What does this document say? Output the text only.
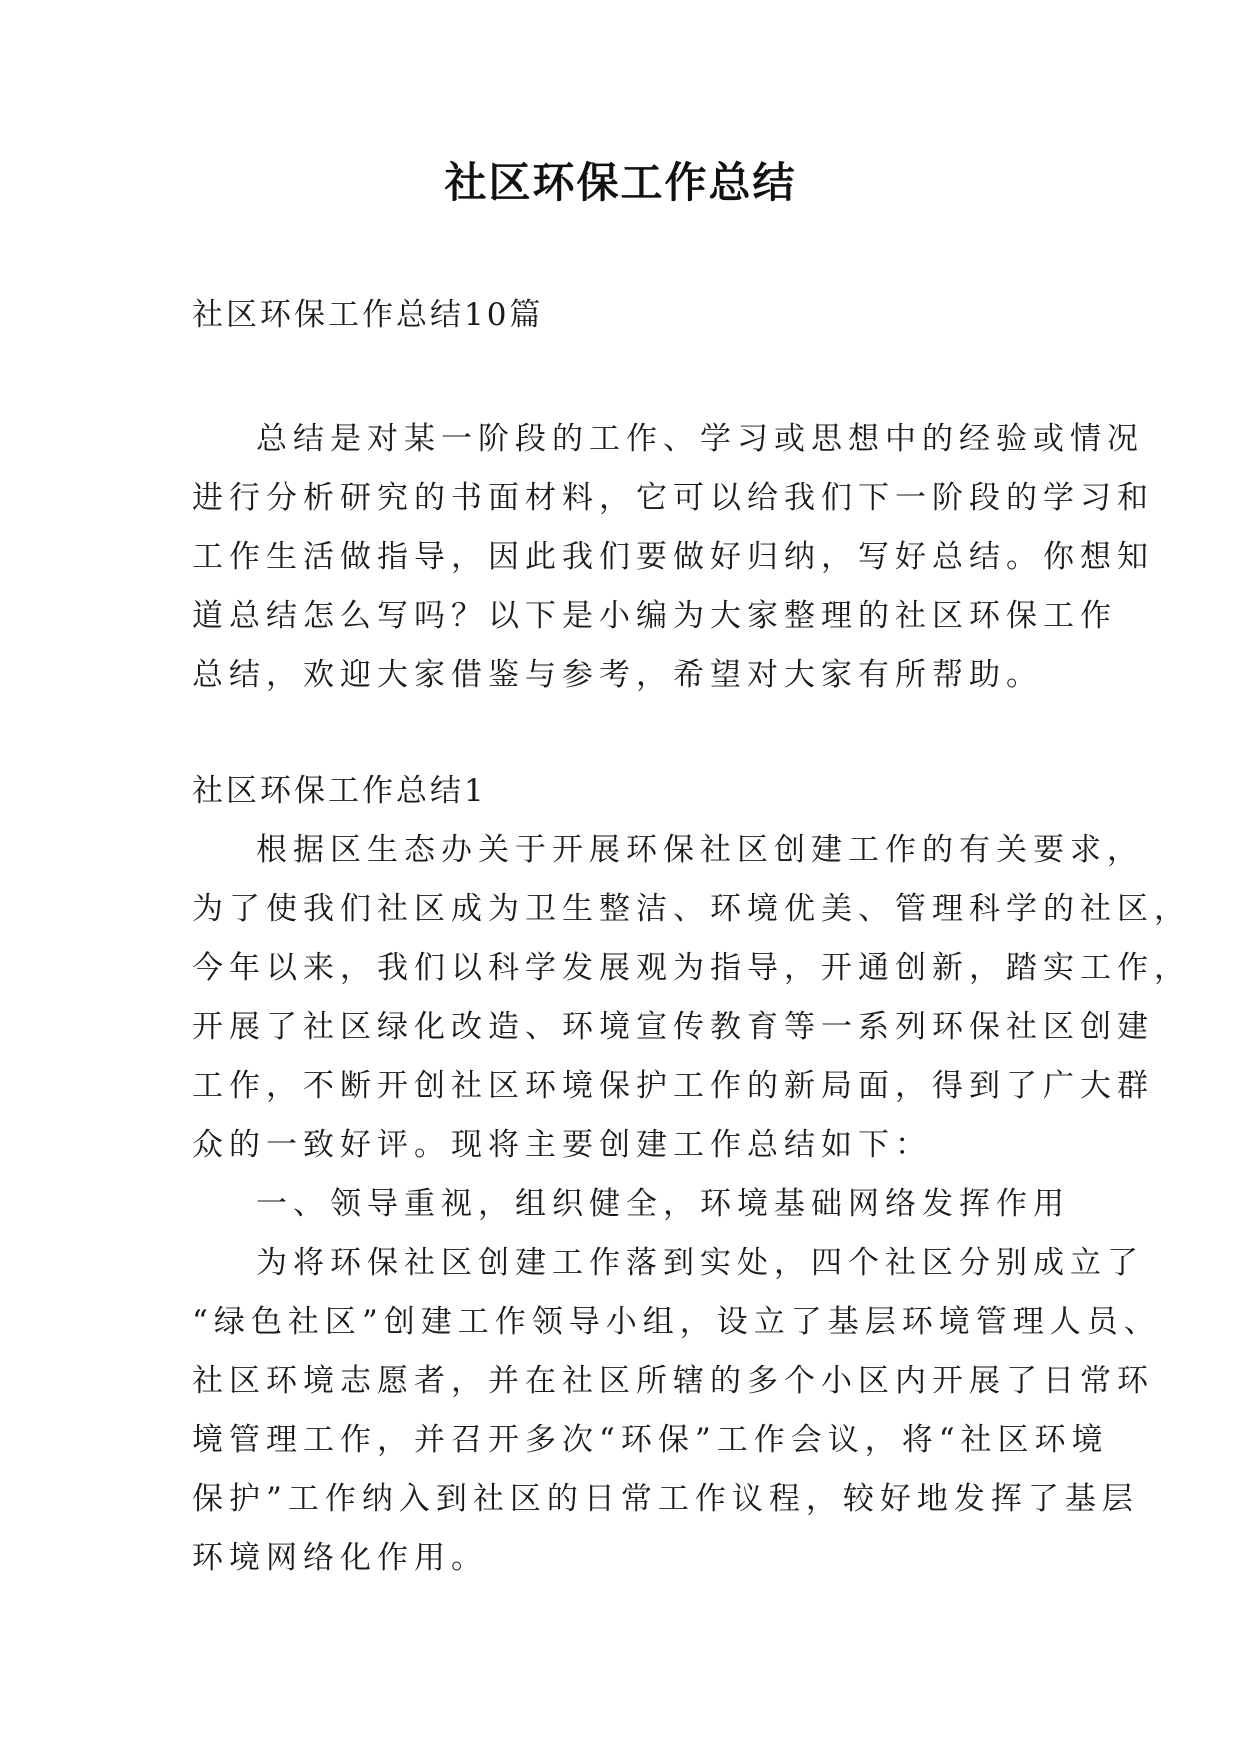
社区环保工作总结
社区环保工作总结10篇
总结是对某一阶段的工作、学习或思想中的经验或情况
进行分析研究的书面材料，它可以给我们下一阶段的学习和
工作生活做指导，因此我们要做好归纳，写好总结。你想知
道总结怎么写吗？以下是小编为大家整理的社区环保工作
总结，欢迎大家借鉴与参考，希望对大家有所帮助。
社区环保工作总结1
根据区生态办关于开展环保社区创建工作的有关要求，
为了使我们社区成为卫生整洁、环境优美、管理科学的社区，
今年以来，我们以科学发展观为指导，开通创新，踏实工作，
开展了社区绿化改造、环境宣传教育等一系列环保社区创建
工作，不断开创社区环境保护工作的新局面，得到了广大群
众的一致好评。现将主要创建工作总结如下：
一、领导重视，组织健全，环境基础网络发挥作用
为将环保社区创建工作落到实处，四个社区分别成立了
“绿色社区”创建工作领导小组，设立了基层环境管理人员、
社区环境志愿者，并在社区所辖的多个小区内开展了日常环
境管理工作，并召开多次“环保”工作会议，将“社区环境
保护”工作纳入到社区的日常工作议程，较好地发挥了基层
环境网络化作用。
